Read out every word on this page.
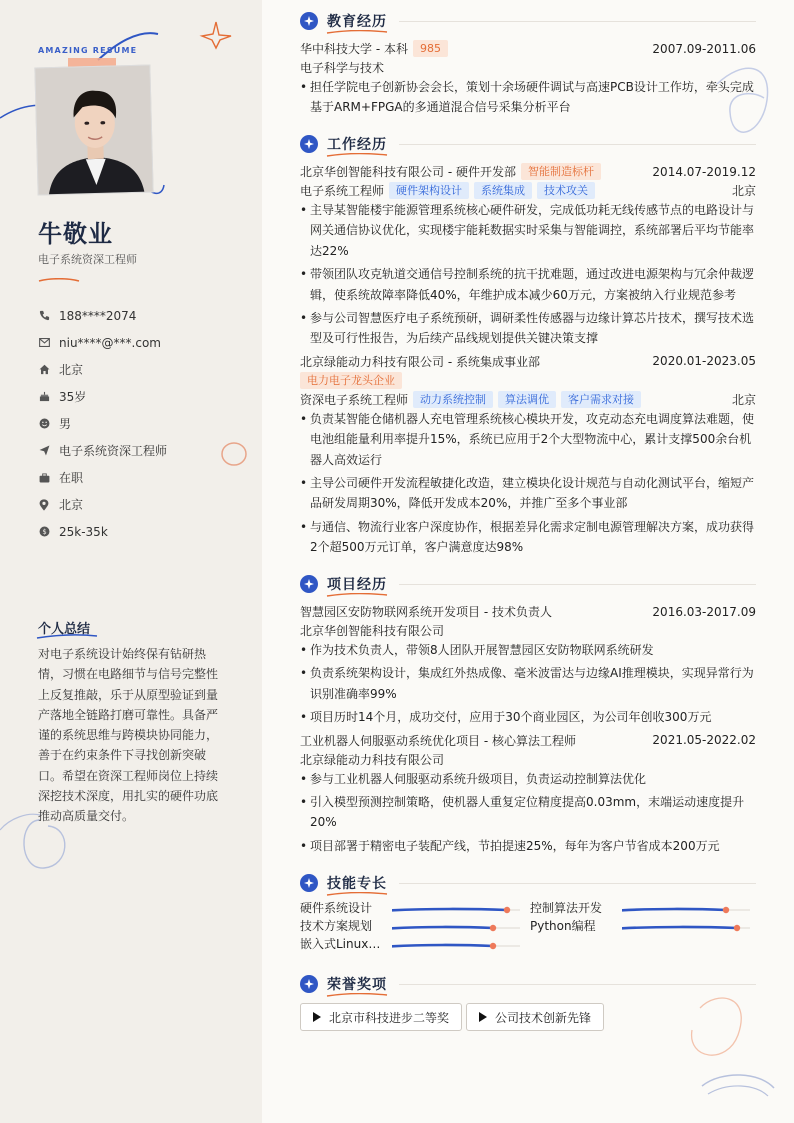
AMAZING RESUME
牛敬业
电子系统资深工程师
188****2074
niu****@***.com
北京
35岁
男
电子系统资深工程师
在职
北京
$ 25k-35k
个人总结
对电子系统设计始终保有钻研热情，习惯在电路细节与信号完整性上反复推敲，乐于从原型验证到量产落地全链路打磨可靠性。具备严谨的系统思维与跨模块协同能力，善于在约束条件下寻找创新突破口。希望在资深工程师岗位上持续深挖技术深度，用扎实的硬件功底推动高质量交付。
教育经历
华中科技大学 - 本科	985	2007.09-2011.06
电子科学与技术
• 担任学院电子创新协会会长，策划十余场硬件调试与高速PCB设计工作坊，牵头完成基于ARM+FPGA的多通道混合信号采集分析平台
工作经历
北京华创智能科技有限公司 - 硬件开发部	智能制造标杆	2014.07-2019.12
电子系统工程师	硬件架构设计	系统集成	技术攻关	北京
• 主导某智能楼宇能源管理系统核心硬件研发，完成低功耗无线传感节点的电路设计与网关通信协议优化，实现楼宇能耗数据实时采集与智能调控，系统部署后平均节能率达22%
• 带领团队攻克轨道交通信号控制系统的抗干扰难题，通过改进电源架构与冗余仲裁逻辑，使系统故障率降低40%，年维护成本减少60万元，方案被纳入行业规范参考
• 参与公司智慧医疗电子系统预研，调研柔性传感器与边缘计算芯片技术，撰写技术选型及可行性报告，为后续产品线规划提供关键决策支撑
北京绿能动力科技有限公司 - 系统集成事业部	2020.01-2023.05
电力电子龙头企业
资深电子系统工程师	动力系统控制	算法调优	客户需求对接	北京
• 负责某智能仓储机器人充电管理系统核心模块开发，攻克动态充电调度算法难题，使电池组能量利用率提升15%，系统已应用于2个大型物流中心，累计支撑500余台机器人高效运行
• 主导公司硬件开发流程敏捷化改造，建立模块化设计规范与自动化测试平台，缩短产品研发周期30%，降低开发成本20%，并推广至多个事业部
• 与通信、物流行业客户深度协作，根据差异化需求定制电源管理解决方案，成功获得2个超500万元订单，客户满意度达98%
项目经历
智慧园区安防物联网系统开发项目 - 技术负责人	2016.03-2017.09
北京华创智能科技有限公司
• 作为技术负责人，带领8人团队开展智慧园区安防物联网系统研发
• 负责系统架构设计，集成红外热成像、毫米波雷达与边缘AI推理模块，实现异常行为识别准确率99%
• 项目历时14个月，成功交付，应用于30个商业园区，为公司年创收300万元
工业机器人伺服驱动系统优化项目 - 核心算法工程师	2021.05-2022.02
北京绿能动力科技有限公司
• 参与工业机器人伺服驱动系统升级项目，负责运动控制算法优化
• 引入模型预测控制策略，使机器人重复定位精度提高0.03mm，末端运动速度提升20%
• 项目部署于精密电子装配产线，节拍提速25%，每年为客户节省成本200万元
技能专长
硬件系统设计	控制算法开发
技术方案规划	Python编程
嵌入式Linux…
荣誉奖项
北京市科技进步二等奖	公司技术创新先锋
